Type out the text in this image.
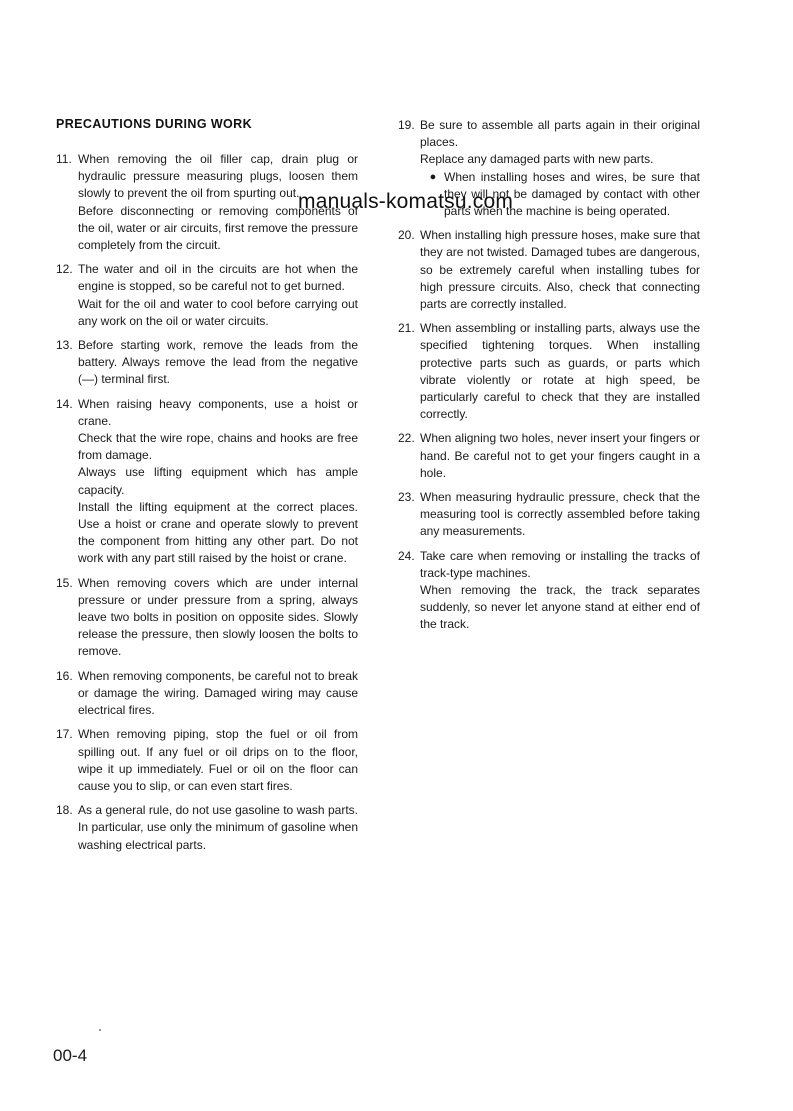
PRECAUTIONS DURING WORK
11. When removing the oil filler cap, drain plug or hydraulic pressure measuring plugs, loosen them slowly to prevent the oil from spurting out.

Before disconnecting or removing components of the oil, water or air circuits, first remove the pressure completely from the circuit.

12. The water and oil in the circuits are hot when the engine is stopped, so be careful not to get burned.

Wait for the oil and water to cool before carrying out any work on the oil or water circuits.

13. Before starting work, remove the leads from the battery. Always remove the lead from the negative (—) terminal first.

14. When raising heavy components, use a hoist or crane.

Check that the wire rope, chains and hooks are free from damage.

Always use lifting equipment which has ample capacity.

Install the lifting equipment at the correct places. Use a hoist or crane and operate slowly to prevent the component from hitting any other part. Do not work with any part still raised by the hoist or crane.

15. When removing covers which are under internal pressure or under pressure from a spring, always leave two bolts in position on opposite sides. Slowly release the pressure, then slowly loosen the bolts to remove.

16. When removing components, be careful not to break or damage the wiring. Damaged wiring may cause electrical fires.

17. When removing piping, stop the fuel or oil from spilling out. If any fuel or oil drips on to the floor, wipe it up immediately. Fuel or oil on the floor can cause you to slip, or can even start fires.

18. As a general rule, do not use gasoline to wash parts. In particular, use only the minimum of gasoline when washing electrical parts.

19. Be sure to assemble all parts again in their original places.

Replace any damaged parts with new parts.

● When installing hoses and wires, be sure that they will not be damaged by contact with other parts when the machine is being operated.
20. When installing high pressure hoses, make sure that they are not twisted. Damaged tubes are dangerous, so be extremely careful when installing tubes for high pressure circuits. Also, check that connecting parts are correctly installed.

21. When assembling or installing parts, always use the specified tightening torques. When installing protective parts such as guards, or parts which vibrate violently or rotate at high speed, be particularly careful to check that they are installed correctly.

22. When aligning two holes, never insert your fingers or hand. Be careful not to get your fingers caught in a hole.

23. When measuring hydraulic pressure, check that the measuring tool is correctly assembled before taking any measurements.

24. Take care when removing or installing the tracks of track-type machines.

When removing the track, the track separates suddenly, so never let anyone stand at either end of the track.

manuals-komatsu.com
00-4
